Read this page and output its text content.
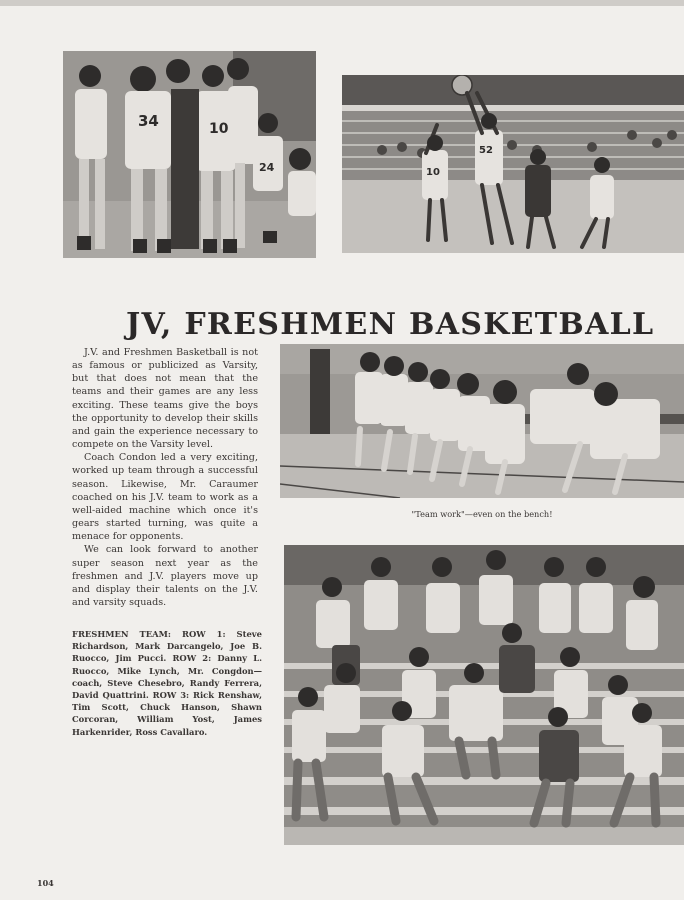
34	10
24	10
52
JV, FRESHMEN BASKETBALL

J.V. and Freshmen Basketball is not as famous or publicized as Varsity, but that does not mean that the teams and their games are any less exciting. These teams give the boys the opportunity to develop their skills and gain the experience necessary to compete on the Varsity level.

Coach Condon led a very exciting, worked up team through a successful season. Likewise, Mr. Caraumer coached on his J.V. team to work as a well-aided machine which once it's gears started turning, was quite a menace for opponents.

We can look forward to another super season next year as the freshmen and J.V. players move up and display their talents on the J.V. and varsity squads.

"Team work"—even on the bench!
FRESHMEN TEAM: ROW 1: Steve Richardson, Mark Darcangelo, Joe B. Ruocco, Jim Pucci. ROW 2: Danny L. Ruocco, Mike Lynch, Mr. Congdon—coach, Steve Chesebro, Randy Ferrera, David Quattrini. ROW 3: Rick Renshaw, Tim Scott, Chuck Hanson, Shawn Corcoran, William Yost, James Harkenrider, Ross Cavallaro.
104
